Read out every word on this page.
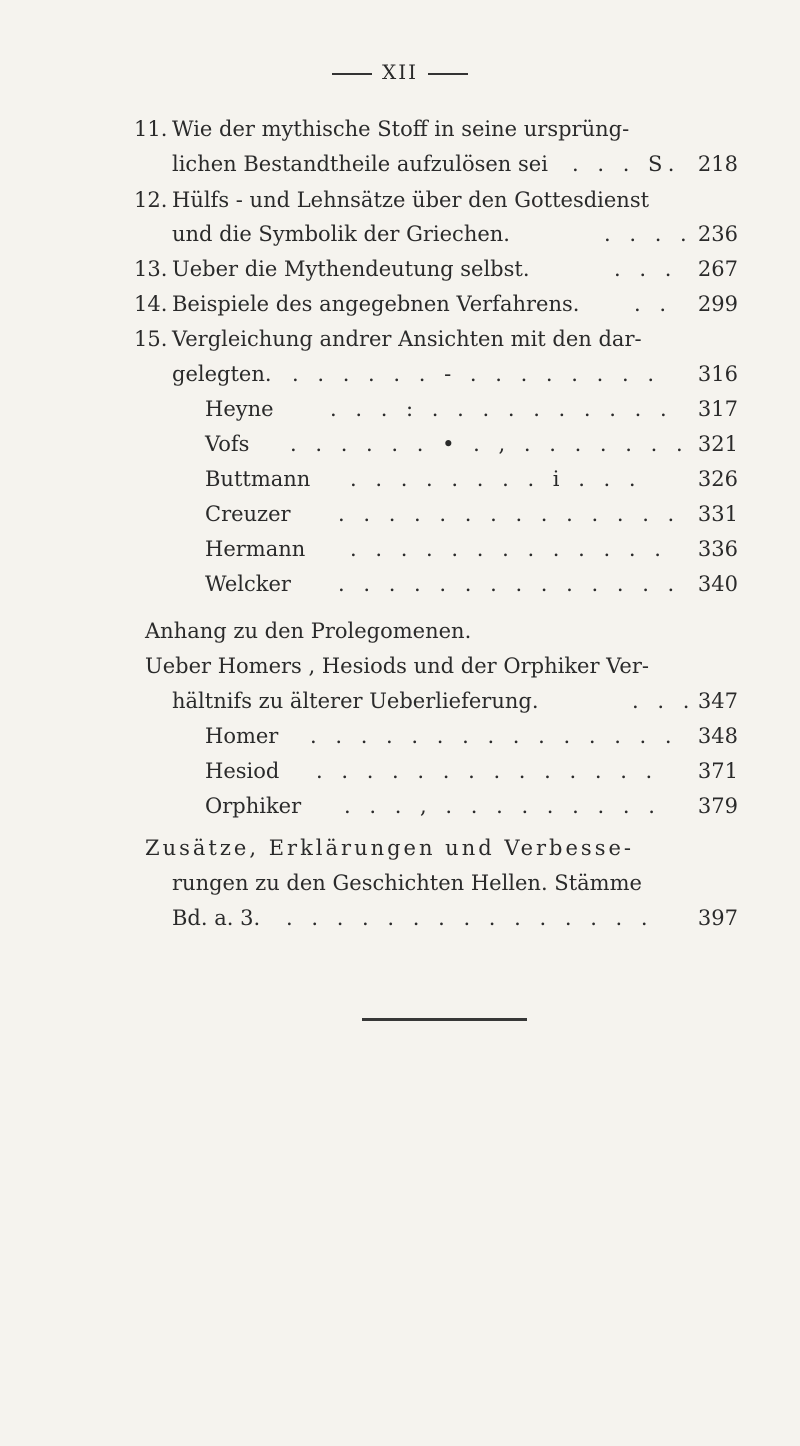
XII
11. Wie der mythische Stoff in seine ursprüng-
lichen Bestandtheile aufzulösen sei . . . S. 218
12. Hülfs - und Lehnsätze über den Gottesdienst
und die Symbolik der Griechen.	. . . . 236
13. Ueber die Mythendeutung selbst.	. . . 267
14. Beispiele des angegebnen Verfahrens.	. . 299
15. Vergleichung andrer Ansichten mit den dar-
gelegten. . . . . . . - . . . . . . . . 316
Heyne	. . . : . . . . . . . . . . 317
Vofs . . . . . . • . , . . . . . . . 321
Buttmann . . . . . . . . i . . .	326
Creuzer . . . . . . . . . . . . . . 331
Hermann . . . . . . . . . . . . . 336
Welcker . . . . . . . . . . . . . . 340
Anhang zu den Prolegomenen.
Ueber Homers , Hesiods und der Orphiker Ver-
hältnifs zu älterer Ueberlieferung.	. . . 347
Homer . . . . . . . . . . . . . . . 348
Hesiod . . . . . . . . . . . . . . 371
Orphiker . . . , . . . . . . . . . 379
Zusätze, Erklärungen und Verbesse-
rungen zu den Geschichten Hellen. Stämme
Bd. a. 3. . . . . . . . . . . . . . . . 397
